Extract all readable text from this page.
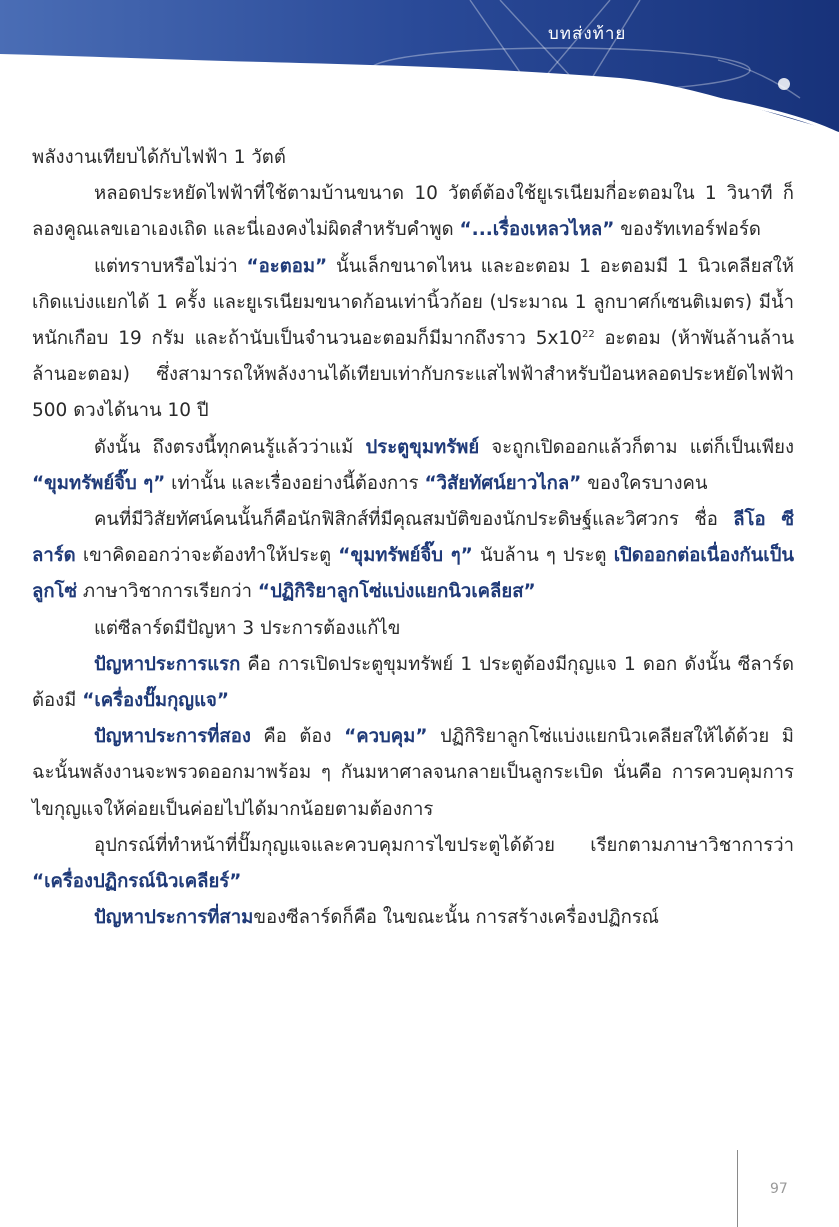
บทส่งท้าย

พลังงานเทียบได้กับไฟฟ้า 1 วัตต์

หลอดประหยัดไฟฟ้าที่ใช้ตามบ้านขนาด 10 วัตต์ต้องใช้ยูเรเนียมกี่อะตอมใน 1 วินาที ก็ลองคูณเลขเอาเองเถิด และนี่เองคงไม่ผิดสำหรับคำพูด “...เรื่องเหลวไหล” ของรัทเทอร์ฟอร์ด

แต่ทราบหรือไม่ว่า “อะตอม” นั้นเล็กขนาดไหน และอะตอม 1 อะตอมมี 1 นิวเคลียสให้เกิดแบ่งแยกได้ 1 ครั้ง และยูเรเนียมขนาดก้อนเท่านิ้วก้อย (ประมาณ 1 ลูกบาศก์เซนติเมตร) มีน้ำหนักเกือบ 19 กรัม และถ้านับเป็นจำนวนอะตอมก็มีมากถึงราว $5x10^{22}$ อะตอม (ห้าพันล้านล้านล้านอะตอม) ซึ่งสามารถให้พลังงานได้เทียบเท่ากับกระแสไฟฟ้าสำหรับป้อนหลอดประหยัดไฟฟ้า 500 ดวงได้นาน 10 ปี

ดังนั้น ถึงตรงนี้ทุกคนรู้แล้วว่าแม้ ประตูขุมทรัพย์ จะถูกเปิดออกแล้วก็ตาม แต่ก็เป็นเพียง “ขุมทรัพย์จิ๊บ ๆ” เท่านั้น และเรื่องอย่างนี้ต้องการ “วิสัยทัศน์ยาวไกล” ของใครบางคน

คนที่มีวิสัยทัศน์คนนั้นก็คือนักฟิสิกส์ที่มีคุณสมบัติของนักประดิษฐ์และวิศวกร ชื่อ ลีโอ ซีลาร์ด เขาคิดออกว่าจะต้องทำให้ประตู “ขุมทรัพย์จิ๊บ ๆ” นับล้าน ๆ ประตู เปิดออกต่อเนื่องกันเป็นลูกโซ่ ภาษาวิชาการเรียกว่า “ปฏิกิริยาลูกโซ่แบ่งแยกนิวเคลียส”

แต่ซีลาร์ดมีปัญหา 3 ประการต้องแก้ไข

ปัญหาประการแรก คือ การเปิดประตูขุมทรัพย์ 1 ประตูต้องมีกุญแจ 1 ดอก ดังนั้น ซีลาร์ดต้องมี “เครื่องปั๊มกุญแจ”

ปัญหาประการที่สอง คือ ต้อง “ควบคุม” ปฏิกิริยาลูกโซ่แบ่งแยกนิวเคลียสให้ได้ด้วย มิฉะนั้นพลังงานจะพรวดออกมาพร้อม ๆ กันมหาศาลจนกลายเป็นลูกระเบิด นั่นคือ การควบคุมการไขกุญแจให้ค่อยเป็นค่อยไปได้มากน้อยตามต้องการ

อุปกรณ์ที่ทำหน้าที่ปั๊มกุญแจและควบคุมการไขประตูได้ด้วย เรียกตามภาษาวิชาการว่า “เครื่องปฏิกรณ์นิวเคลียร์”

ปัญหาประการที่สามของซีลาร์ดก็คือ ในขณะนั้น การสร้างเครื่องปฏิกรณ์

97
